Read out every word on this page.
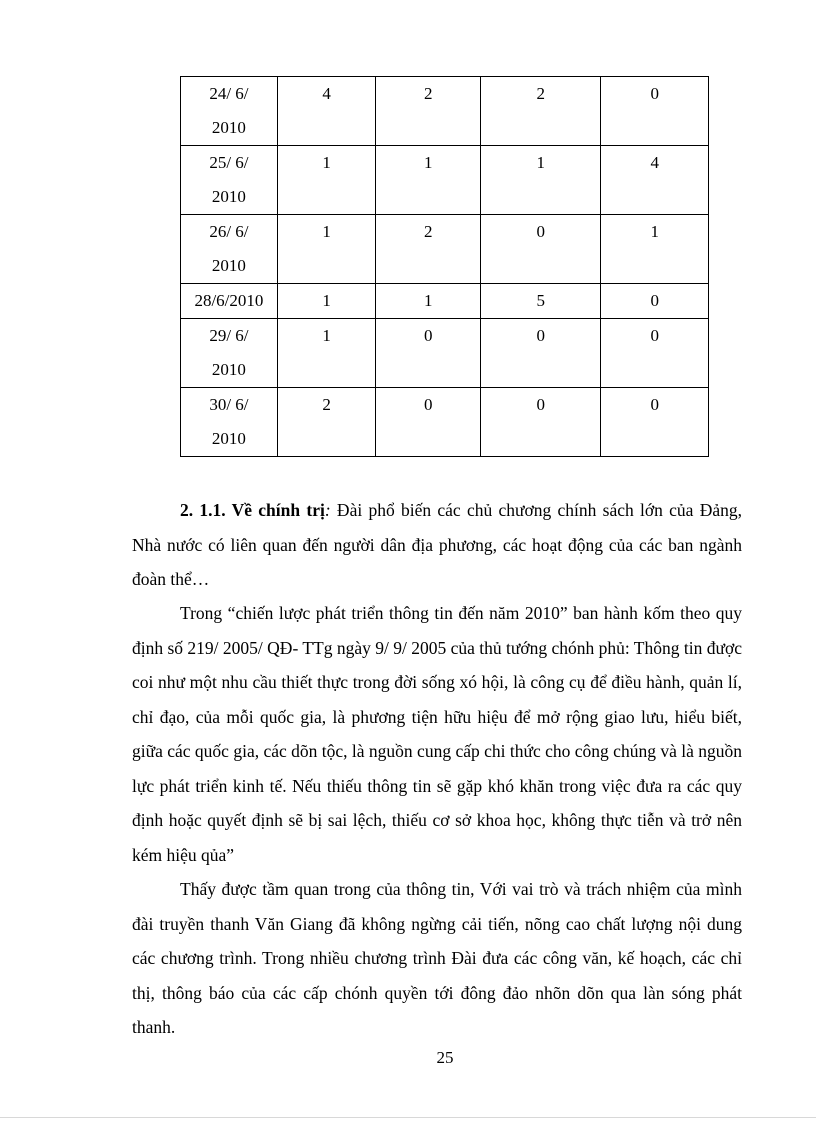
24/ 6/
2010	4	2	2	0

25/ 6/
2010	1	1	1	4

26/ 6/
2010	1	2	0	1

28/6/2010	1	1	5	0

29/ 6/
2010	1	0	0	0

30/ 6/
2010	2	0	0	0

2. 1.1. Về chính trị: Đài phổ biến các chủ chương chính sách lớn của Đảng, Nhà nước có liên quan đến người dân địa phương, các hoạt động của các ban ngành đoàn thể…

Trong “chiến lược phát triển thông tin đến năm 2010” ban hành kốm theo quy định số 219/ 2005/ QĐ- TTg ngày 9/ 9/ 2005 của thủ tướng chónh phủ: Thông tin được coi như một nhu cầu thiết thực trong đời sống xó hội, là công cụ để điều hành, quản lí, chỉ đạo, của mỗi quốc gia, là phương tiện hữu hiệu để mở rộng giao lưu, hiểu biết, giữa các quốc gia, các dõn tộc, là nguồn cung cấp chi thức cho công chúng và là nguồn lực phát triển kinh tế. Nếu thiếu thông tin sẽ gặp khó khăn trong việc đưa ra các quy định hoặc quyết định sẽ bị sai lệch, thiếu cơ sở khoa học, không thực tiễn và trở nên kém hiệu qủa”

Thấy được tầm quan trong của thông tin, Với vai trò và trách nhiệm của mình đài truyền thanh Văn Giang đã không ngừng cải tiến, nõng cao chất lượng nội dung các chương trình. Trong nhiều chương trình Đài đưa các công văn, kế hoạch, các chỉ thị, thông báo của các cấp chónh quyền tới đông đảo nhõn dõn qua làn sóng phát thanh.

25
